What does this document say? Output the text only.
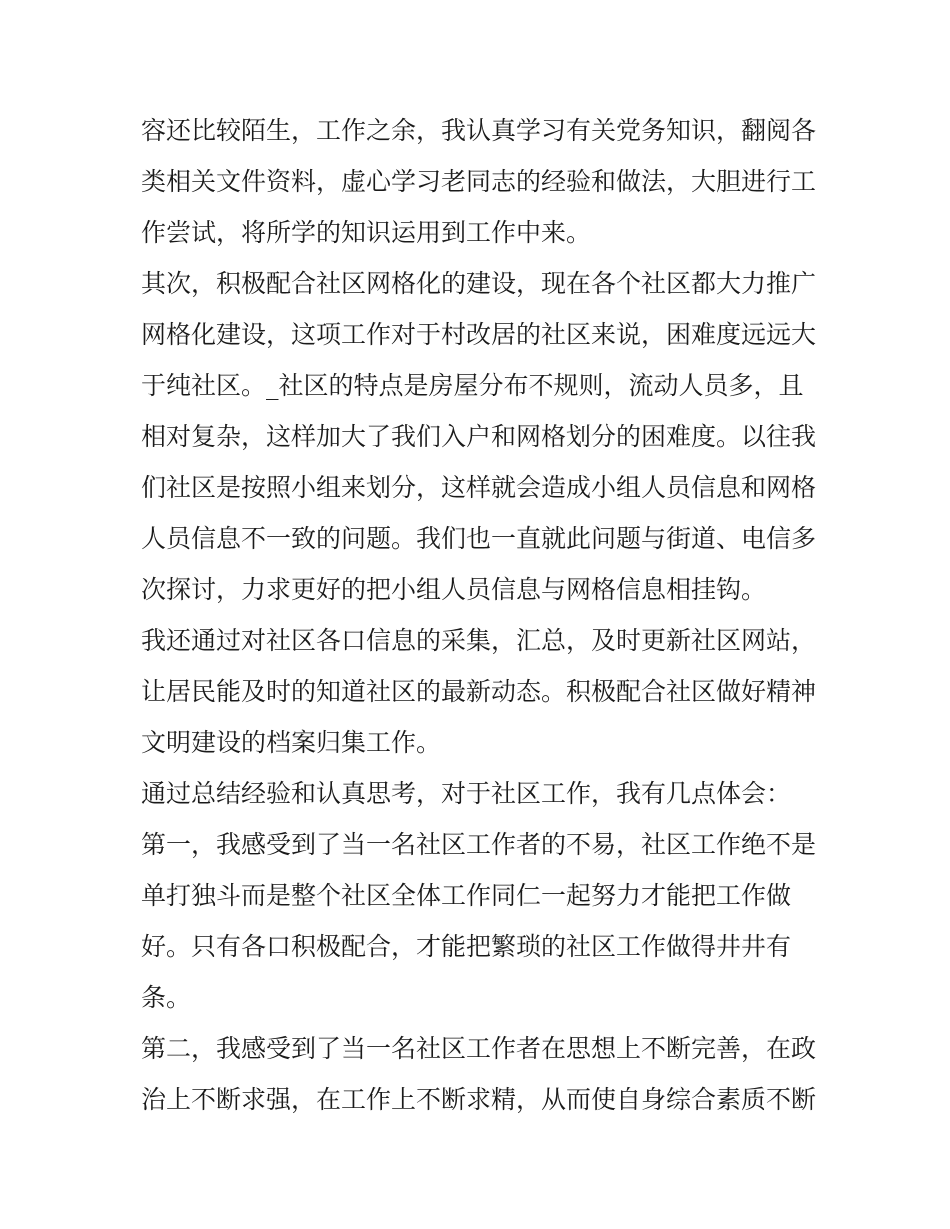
容还比较陌生，工作之余，我认真学习有关党务知识，翻阅各
类相关文件资料，虚心学习老同志的经验和做法，大胆进行工
作尝试，将所学的知识运用到工作中来。
其次，积极配合社区网格化的建设，现在各个社区都大力推广
网格化建设，这项工作对于村改居的社区来说，困难度远远大
于纯社区。_社区的特点是房屋分布不规则，流动人员多，且
相对复杂，这样加大了我们入户和网格划分的困难度。以往我
们社区是按照小组来划分，这样就会造成小组人员信息和网格
人员信息不一致的问题。我们也一直就此问题与街道、电信多
次探讨，力求更好的把小组人员信息与网格信息相挂钩。
我还通过对社区各口信息的采集，汇总，及时更新社区网站，
让居民能及时的知道社区的最新动态。积极配合社区做好精神
文明建设的档案归集工作。
通过总结经验和认真思考，对于社区工作，我有几点体会：
第一，我感受到了当一名社区工作者的不易，社区工作绝不是
单打独斗而是整个社区全体工作同仁一起努力才能把工作做
好。只有各口积极配合，才能把繁琐的社区工作做得井井有
条。
第二，我感受到了当一名社区工作者在思想上不断完善，在政
治上不断求强，在工作上不断求精，从而使自身综合素质不断
